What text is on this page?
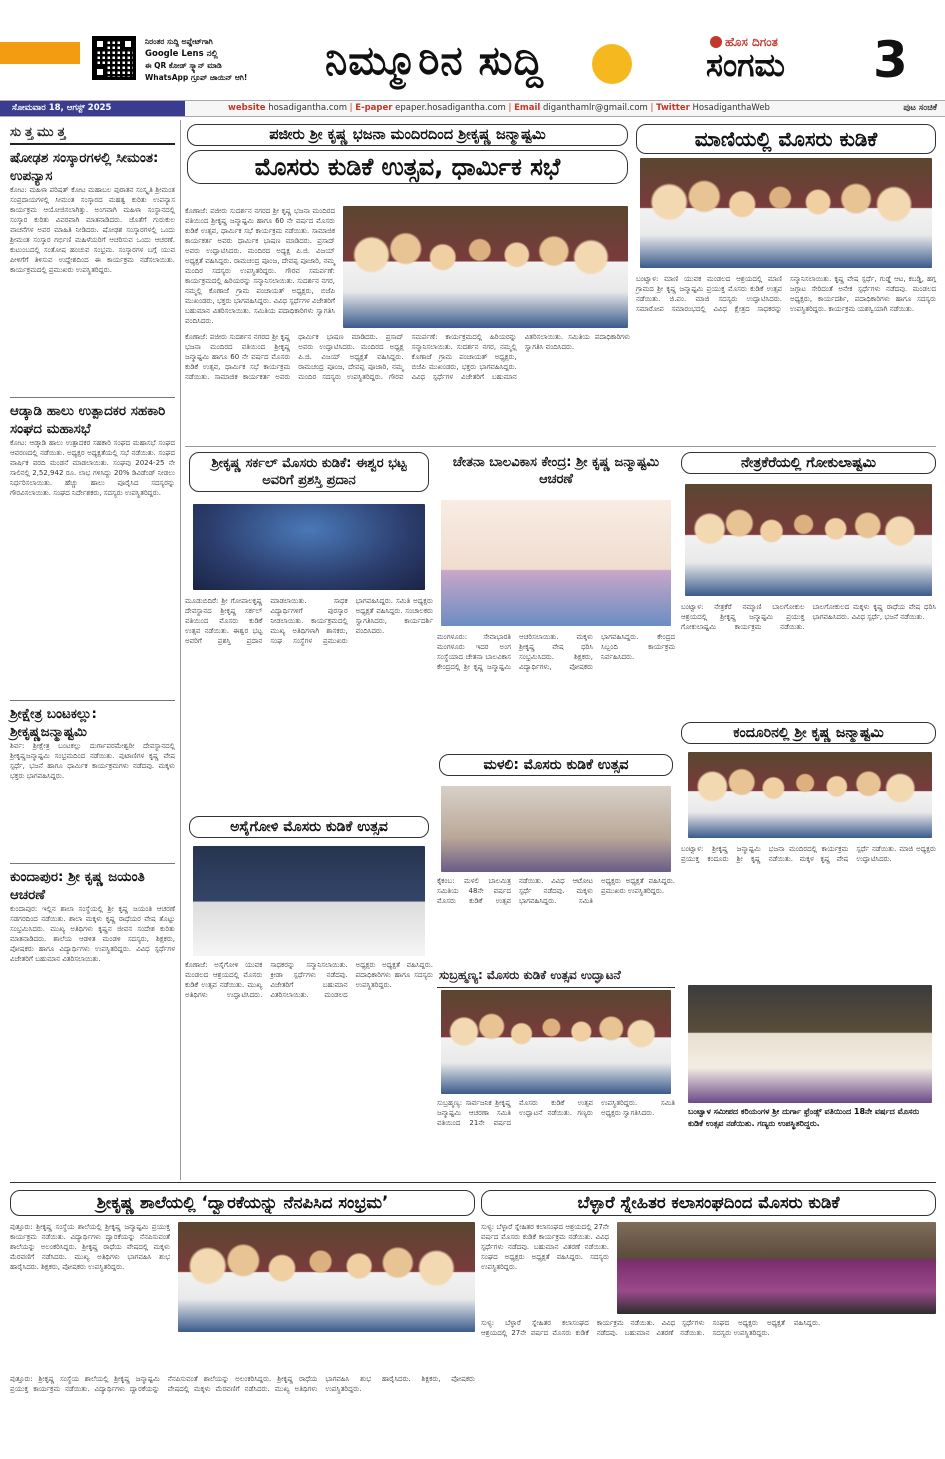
ನಿರಂತರ ಸುದ್ದಿ ಅಪ್ಡೇಟ್‌ಗಾಗಿ
Google Lens ನಲ್ಲಿ
ಈ QR ಕೋಡ್ ಸ್ಕ್ಯಾನ್ ಮಾಡಿ
WhatsApp ಗ್ರೂಪ್ ಜಾಯಿನ್ ಆಗಿ!	ನಿಮ್ಮೂರಿನ ಸುದ್ದಿ	ಹೊಸ ದಿಗಂತ
ಸಂಗಮ 3
ಸೋಮವಾರ 18, ಆಗಸ್ಟ್ 2025	website hosadigantha.com | E-paper epaper.hosadigantha.com | Email diganthamlr@gmail.com | Twitter HosadiganthaWeb	ಪುಟ ಸಂಚಿಕೆ
ಸುತ್ತಮುತ್ತ
ಷೋಢಶ ಸಂಸ್ಕಾರಗಳಲ್ಲಿ ಸೀಮಂತ: ಉಪನ್ಯಾಸ
ಕೋಟ: ಮಹಿಳಾ ಪರಿಷತ್ ಕೋಟ ಮಹಾಬಲ ಪುರಾತನ ಸಂಸ್ಕೃತಿ ಶ್ರೀಮಂತ ಸಂಪ್ರದಾಯಗಳಲ್ಲಿ ಸೀಮಂತ ಸಂಸ್ಕಾರದ ಮಹತ್ವ ಕುರಿತು ಉಪನ್ಯಾಸ ಕಾರ್ಯಕ್ರಮ ಆಯೋಜಿಸಲಾಗಿತ್ತು. ಅಂಗವಾಗಿ ಮಹಿಳಾ ಸಂಸ್ಥಾನದಲ್ಲಿ ಸಂಸ್ಕಾರ ಕುರಿತು ವಿವರವಾಗಿ ಮಾತನಾಡಿದರು. ಜೊತೆಗೆ ಗುರುಕುಲ ವಾಚನೆಗಳ ಅವರ ಮಾಹಿತಿ ನೀಡಿದರು. ಷೋಢಶ ಸಂಸ್ಕಾರಗಳಲ್ಲಿ ಒಂದು ಶ್ರೀಮಂತ ಸಂಸ್ಕಾರ ಗರ್ಭಿಣಿ ಮಹಿಳೆಯರಿಗೆ ಆಚರಿಸುವ ಒಂದು ಆಚರಣೆ. ಕುಟುಂಬದಲ್ಲಿ ಸಂತೋಷ ಹಂಚುವ ಸಂಭ್ರಮ. ಸಂಸ್ಕಾರಗಳ ಬಗ್ಗೆ ಯುವ ಪೀಳಿಗೆಗೆ ತಿಳಿಸುವ ಉದ್ದೇಶದಿಂದ ಈ ಕಾರ್ಯಕ್ರಮ ನಡೆಸಲಾಯಿತು. ಕಾರ್ಯಕ್ರಮದಲ್ಲಿ ಪ್ರಮುಖರು ಉಪಸ್ಥಿತರಿದ್ದರು.
ಆಡ್ಕಾಡಿ ಹಾಲು ಉತ್ಪಾದಕರ ಸಹಕಾರಿ ಸಂಘದ ಮಹಾಸಭೆ
ಕೋಟ: ಆಡ್ಕಾಡಿ ಹಾಲು ಉತ್ಪಾದಕರ ಸಹಕಾರಿ ಸಂಘದ ಮಹಾಸಭೆ ಸಂಘದ ಆವರಣದಲ್ಲಿ ನಡೆಯಿತು. ಅಧ್ಯಕ್ಷರ ಅಧ್ಯಕ್ಷತೆಯಲ್ಲಿ ಸಭೆ ನಡೆಯಿತು. ಸಂಘದ ವಾರ್ಷಿಕ ವರದಿ ಮಂಡನೆ ಮಾಡಲಾಯಿತು. ಸಂಘವು 2024-25 ನೇ ಸಾಲಿನಲ್ಲಿ 2,52,942 ರೂ. ಲಾಭ ಗಳಿಸಿದ್ದು 20% ಡಿವಿಡೆಂಡ್ ನೀಡಲು ನಿರ್ಧರಿಸಲಾಯಿತು. ಹೆಚ್ಚು ಹಾಲು ಪೂರೈಸಿದ ಸದಸ್ಯರನ್ನು ಗೌರವಿಸಲಾಯಿತು. ಸಂಘದ ನಿರ್ದೇಶಕರು, ಸದಸ್ಯರು ಉಪಸ್ಥಿತರಿದ್ದರು.
ಶ್ರೀಕ್ಷೇತ್ರ ಬಂಟಕಲ್ಲು: ಶ್ರೀಕೃಷ್ಣಜನ್ಮಾಷ್ಟಮಿ
ಶಿರ್ವ: ಶ್ರೀಕ್ಷೇತ್ರ ಬಂಟಕಲ್ಲು ದುರ್ಗಾಪರಮೇಶ್ವರೀ ದೇವಸ್ಥಾನದಲ್ಲಿ ಶ್ರೀಕೃಷ್ಣಜನ್ಮಾಷ್ಟಮಿ ಸಂಭ್ರಮದಿಂದ ನಡೆಯಿತು. ಪುಟಾಣಿಗಳ ಕೃಷ್ಣ ವೇಷ ಸ್ಪರ್ಧೆ, ಭಜನೆ ಹಾಗೂ ಧಾರ್ಮಿಕ ಕಾರ್ಯಕ್ರಮಗಳು ನಡೆದವು. ಮಕ್ಕಳು ಭಕ್ತರು ಭಾಗವಹಿಸಿದ್ದರು.
ಕುಂದಾಪುರ: ಶ್ರೀ ಕೃಷ್ಣ ಜಯಂತಿ ಆಚರಣೆ
ಕುಂದಾಪುರ: ಇಲ್ಲಿನ ಶಾಲಾ ಸಂಸ್ಥೆಯಲ್ಲಿ ಶ್ರೀ ಕೃಷ್ಣ ಜಯಂತಿ ಆಚರಣೆ ಸಡಗರದಿಂದ ನಡೆಯಿತು. ಶಾಲಾ ಮಕ್ಕಳು ಕೃಷ್ಣ ರಾಧೆಯರ ವೇಷ ತೊಟ್ಟು ಸಂಭ್ರಮಿಸಿದರು. ಮುಖ್ಯ ಅತಿಥಿಗಳು ಕೃಷ್ಣನ ಜೀವನ ಸಂದೇಶ ಕುರಿತು ಮಾತನಾಡಿದರು. ಶಾಲೆಯ ಆಡಳಿತ ಮಂಡಳಿ ಸದಸ್ಯರು, ಶಿಕ್ಷಕರು, ಪೋಷಕರು ಹಾಗೂ ವಿದ್ಯಾರ್ಥಿಗಳು ಉಪಸ್ಥಿತರಿದ್ದರು. ವಿವಿಧ ಸ್ಪರ್ಧೆಗಳ ವಿಜೇತರಿಗೆ ಬಹುಮಾನ ವಿತರಿಸಲಾಯಿತು.
ಪಜೀರು ಶ್ರೀ ಕೃಷ್ಣ ಭಜನಾ ಮಂದಿರದಿಂದ ಶ್ರೀಕೃಷ್ಣ ಜನ್ಮಾಷ್ಟಮಿ
ಮೊಸರು ಕುಡಿಕೆ ಉತ್ಸವ, ಧಾರ್ಮಿಕ ಸಭೆ
ಕೊಣಾಜೆ: ಪಜೀರು ಸುದರ್ಶನ ನಗರದ ಶ್ರೀ ಕೃಷ್ಣ ಭಜನಾ ಮಂದಿರದ ವತಿಯಿಂದ ಶ್ರೀಕೃಷ್ಣ ಜನ್ಮಾಷ್ಟಮಿ ಹಾಗೂ 60 ನೇ ವರ್ಷದ ಮೊಸರು ಕುಡಿಕೆ ಉತ್ಸವ, ಧಾರ್ಮಿಕ ಸಭೆ ಕಾರ್ಯಕ್ರಮ ನಡೆಯಿತು. ಸಾಮಾಜಿಕ ಕಾರ್ಯಕರ್ತ ಅವರು ಧಾರ್ಮಿಕ ಭಾಷಣ ಮಾಡಿದರು. ಪ್ರಸಾದ್ ಅವರು ಉದ್ಘಾಟಿಸಿದರು. ಮಂದಿರದ ಅಧ್ಯಕ್ಷ ಪಿ.ಜಿ. ವಿಜಯ್ ಅಧ್ಯಕ್ಷತೆ ವಹಿಸಿದ್ದರು. ರಾಮಚಂದ್ರ ಪೂಂಜ, ದೇವಪ್ಪ ಪೂಜಾರಿ, ನಮ್ಮ ಮಂದಿರ ಸದಸ್ಯರು ಉಪಸ್ಥಿತರಿದ್ದರು. ಗೌರವ ಸಮರ್ಪಣೆ: ಕಾರ್ಯಕ್ರಮದಲ್ಲಿ ಹಿರಿಯರನ್ನು ಸನ್ಮಾನಿಸಲಾಯಿತು. ಸುದರ್ಶನ ನಗರ, ನಮ್ಮಲ್ಲಿ ಕೊಣಾಜೆ ಗ್ರಾಮ ಪಂಚಾಯತ್ ಅಧ್ಯಕ್ಷರು, ಬಿಜೆಪಿ ಮುಖಂಡರು, ಭಕ್ತರು ಭಾಗವಹಿಸಿದ್ದರು. ವಿವಿಧ ಸ್ಪರ್ಧೆಗಳ ವಿಜೇತರಿಗೆ ಬಹುಮಾನ ವಿತರಿಸಲಾಯಿತು. ಸಮಿತಿಯ ಪದಾಧಿಕಾರಿಗಳು ಸ್ವಾಗತಿಸಿ ವಂದಿಸಿದರು.
ಕೊಣಾಜೆ: ಪಜೀರು ಸುದರ್ಶನ ನಗರದ ಶ್ರೀ ಕೃಷ್ಣ ಭಜನಾ ಮಂದಿರದ ವತಿಯಿಂದ ಶ್ರೀಕೃಷ್ಣ ಜನ್ಮಾಷ್ಟಮಿ ಹಾಗೂ 60 ನೇ ವರ್ಷದ ಮೊಸರು ಕುಡಿಕೆ ಉತ್ಸವ, ಧಾರ್ಮಿಕ ಸಭೆ ಕಾರ್ಯಕ್ರಮ ನಡೆಯಿತು. ಸಾಮಾಜಿಕ ಕಾರ್ಯಕರ್ತ ಅವರು ಧಾರ್ಮಿಕ ಭಾಷಣ ಮಾಡಿದರು. ಪ್ರಸಾದ್ ಅವರು ಉದ್ಘಾಟಿಸಿದರು. ಮಂದಿರದ ಅಧ್ಯಕ್ಷ ಪಿ.ಜಿ. ವಿಜಯ್ ಅಧ್ಯಕ್ಷತೆ ವಹಿಸಿದ್ದರು. ರಾಮಚಂದ್ರ ಪೂಂಜ, ದೇವಪ್ಪ ಪೂಜಾರಿ, ನಮ್ಮ ಮಂದಿರ ಸದಸ್ಯರು ಉಪಸ್ಥಿತರಿದ್ದರು. ಗೌರವ ಸಮರ್ಪಣೆ: ಕಾರ್ಯಕ್ರಮದಲ್ಲಿ ಹಿರಿಯರನ್ನು ಸನ್ಮಾನಿಸಲಾಯಿತು. ಸುದರ್ಶನ ನಗರ, ನಮ್ಮಲ್ಲಿ ಕೊಣಾಜೆ ಗ್ರಾಮ ಪಂಚಾಯತ್ ಅಧ್ಯಕ್ಷರು, ಬಿಜೆಪಿ ಮುಖಂಡರು, ಭಕ್ತರು ಭಾಗವಹಿಸಿದ್ದರು. ವಿವಿಧ ಸ್ಪರ್ಧೆಗಳ ವಿಜೇತರಿಗೆ ಬಹುಮಾನ ವಿತರಿಸಲಾಯಿತು. ಸಮಿತಿಯ ಪದಾಧಿಕಾರಿಗಳು ಸ್ವಾಗತಿಸಿ ವಂದಿಸಿದರು.
ಮಾಣಿಯಲ್ಲಿ ಮೊಸರು ಕುಡಿಕೆ
ಬಂಟ್ವಾಳ: ಮಾಣಿ ಯುವಕ ಮಂಡಲದ ಆಶ್ರಯದಲ್ಲಿ ಮಾಣಿ ಗ್ರಾಮದ ಶ್ರೀ ಕೃಷ್ಣ ಜನ್ಮಾಷ್ಟಮಿ ಪ್ರಯುಕ್ತ ಮೊಸರು ಕುಡಿಕೆ ಉತ್ಸವ ನಡೆಯಿತು. ಜಿ.ಪಂ. ಮಾಜಿ ಸದಸ್ಯರು ಉದ್ಘಾಟಿಸಿದರು. ಸಮಾರೋಪ ಸಮಾರಂಭದಲ್ಲಿ ವಿವಿಧ ಕ್ಷೇತ್ರದ ಸಾಧಕರನ್ನು ಸನ್ಮಾನಿಸಲಾಯಿತು. ಕೃಷ್ಣ ವೇಷ ಸ್ಪರ್ಧೆ, ಗುಡ್ಡೆ ಆಟ, ಕಬಡ್ಡಿ, ಹಗ್ಗ ಜಗ್ಗಾಟ ಸೇರಿದಂತೆ ಅನೇಕ ಸ್ಪರ್ಧೆಗಳು ನಡೆದವು. ಮಂಡಲದ ಅಧ್ಯಕ್ಷರು, ಕಾರ್ಯದರ್ಶಿ, ಪದಾಧಿಕಾರಿಗಳು ಹಾಗೂ ಸದಸ್ಯರು ಉಪಸ್ಥಿತರಿದ್ದರು. ಕಾರ್ಯಕ್ರಮ ಯಶಸ್ವಿಯಾಗಿ ನಡೆಯಿತು.
ಶ್ರೀಕೃಷ್ಣ ಸರ್ಕಲ್ ಮೊಸರು ಕುಡಿಕೆ: ಈಶ್ವರ ಭಟ್ಟ ಅವರಿಗೆ ಪ್ರಶಸ್ತಿ ಪ್ರದಾನ
ಮೂಡುಬಿದಿರೆ: ಶ್ರೀ ಗೋಪಾಲಕೃಷ್ಣ ದೇವಸ್ಥಾನದ ಶ್ರೀಕೃಷ್ಣ ಸರ್ಕಲ್ ವತಿಯಿಂದ ಮೊಸರು ಕುಡಿಕೆ ಉತ್ಸವ ನಡೆಯಿತು. ಈಶ್ವರ ಭಟ್ಟ ಅವರಿಗೆ ಪ್ರಶಸ್ತಿ ಪ್ರದಾನ ಮಾಡಲಾಯಿತು. ಸಾಧಕ ವಿದ್ಯಾರ್ಥಿಗಳಿಗೆ ಪುರಸ್ಕಾರ ನೀಡಲಾಯಿತು. ಕಾರ್ಯಕ್ರಮದಲ್ಲಿ ಮುಖ್ಯ ಅತಿಥಿಗಳಾಗಿ ಶಾಸಕರು, ಸಂಘ ಸಂಸ್ಥೆಗಳ ಪ್ರಮುಖರು ಭಾಗವಹಿಸಿದ್ದರು. ಸಮಿತಿ ಅಧ್ಯಕ್ಷರು ಅಧ್ಯಕ್ಷತೆ ವಹಿಸಿದ್ದರು. ಸಂಚಾಲಕರು ಸ್ವಾಗತಿಸಿದರು, ಕಾರ್ಯದರ್ಶಿ ವಂದಿಸಿದರು.
ಚೇತನಾ ಬಾಲವಿಕಾಸ ಕೇಂದ್ರ: ಶ್ರೀ ಕೃಷ್ಣ ಜನ್ಮಾಷ್ಟಮಿ ಆಚರಣೆ
ಮಂಗಳೂರು: ಸೇವಾಭಾರತಿ ಮಂಗಳೂರು ಇದರ ಅಂಗ ಸಂಸ್ಥೆಯಾದ ಚೇತನಾ ಬಾಲವಿಕಾಸ ಕೇಂದ್ರದಲ್ಲಿ ಶ್ರೀ ಕೃಷ್ಣ ಜನ್ಮಾಷ್ಟಮಿ ಆಚರಿಸಲಾಯಿತು. ಮಕ್ಕಳು ಶ್ರೀಕೃಷ್ಣ ವೇಷ ಧರಿಸಿ ಸಂಭ್ರಮಿಸಿದರು. ಶಿಕ್ಷಕರು, ವಿದ್ಯಾರ್ಥಿಗಳು, ಪೋಷಕರು ಭಾಗವಹಿಸಿದ್ದರು. ಕೇಂದ್ರದ ಸಿಬ್ಬಂದಿ ಕಾರ್ಯಕ್ರಮ ನಿರ್ವಹಿಸಿದರು.
ನೇತ್ರಕೆರೆಯಲ್ಲಿ ಗೋಕುಲಾಷ್ಟಮಿ
ಬಂಟ್ವಾಳ: ನೇತ್ರಕೆರೆ ನಮ್ಮಾಣಿ ಬಾಲಗೋಕುಲ ಆಶ್ರಯದಲ್ಲಿ ಶ್ರೀಕೃಷ್ಣ ಜನ್ಮಾಷ್ಟಮಿ ಪ್ರಯುಕ್ತ ಗೋಕುಲಾಷ್ಟಮಿ ಕಾರ್ಯಕ್ರಮ ನಡೆಯಿತು. ಬಾಲಗೋಕುಲದ ಮಕ್ಕಳು ಕೃಷ್ಣ ರಾಧೆಯ ವೇಷ ಧರಿಸಿ ಭಾಗವಹಿಸಿದರು. ವಿವಿಧ ಸ್ಪರ್ಧೆ, ಭಜನೆ ನಡೆಯಿತು.
ಕಂದೂರಿನಲ್ಲಿ ಶ್ರೀ ಕೃಷ್ಣ ಜನ್ಮಾಷ್ಟಮಿ
ಬಂಟ್ವಾಳ: ಶ್ರೀಕೃಷ್ಣ ಜನ್ಮಾಷ್ಟಮಿ ಪ್ರಯುಕ್ತ ಕಂದೂರು ಶ್ರೀ ಕೃಷ್ಣ ಭಜನಾ ಮಂದಿರದಲ್ಲಿ ಕಾರ್ಯಕ್ರಮ ನಡೆಯಿತು. ಮಕ್ಕಳ ಕೃಷ್ಣ ವೇಷ ಸ್ಪರ್ಧೆ ನಡೆಯಿತು. ಮಾಜಿ ಅಧ್ಯಕ್ಷರು ಉದ್ಘಾಟಿಸಿದರು.
ಮಳಲಿ: ಮೊಸರು ಕುಡಿಕೆ ಉತ್ಸವ
ಕೈಕಂಬ: ಮಳಲಿ ಬಾಲಮಿತ್ರ ಸಮಿತಿಯ 48ನೇ ವರ್ಷದ ಮೊಸರು ಕುಡಿಕೆ ಉತ್ಸವ ನಡೆಯಿತು. ವಿವಿಧ ಆಟೋಟ ಸ್ಪರ್ಧೆ ನಡೆದವು. ಮಕ್ಕಳು ಭಾಗವಹಿಸಿದ್ದರು. ಸಮಿತಿ ಅಧ್ಯಕ್ಷರು ಅಧ್ಯಕ್ಷತೆ ವಹಿಸಿದ್ದರು. ಪ್ರಮುಖರು ಉಪಸ್ಥಿತರಿದ್ದರು.
ಅಸೈಗೋಳಿ ಮೊಸರು ಕುಡಿಕೆ ಉತ್ಸವ
ಕೊಣಾಜೆ: ಅಸೈಗೋಳಿ ಯುವಕ ಮಂಡಲದ ಆಶ್ರಯದಲ್ಲಿ ಮೊಸರು ಕುಡಿಕೆ ಉತ್ಸವ ನಡೆಯಿತು. ಮುಖ್ಯ ಅತಿಥಿಗಳು ಉದ್ಘಾಟಿಸಿದರು. ಸಾಧಕರನ್ನು ಸನ್ಮಾನಿಸಲಾಯಿತು. ಕ್ರೀಡಾ ಸ್ಪರ್ಧೆಗಳು ನಡೆದವು. ವಿಜೇತರಿಗೆ ಬಹುಮಾನ ವಿತರಿಸಲಾಯಿತು. ಮಂಡಲದ ಅಧ್ಯಕ್ಷರು ಅಧ್ಯಕ್ಷತೆ ವಹಿಸಿದ್ದರು. ಪದಾಧಿಕಾರಿಗಳು ಹಾಗೂ ಸದಸ್ಯರು ಉಪಸ್ಥಿತರಿದ್ದರು.
ಸುಬ್ರಹ್ಮಣ್ಯ: ಮೊಸರು ಕುಡಿಕೆ ಉತ್ಸವ ಉದ್ಘಾಟನೆ
ಸುಬ್ರಹ್ಮಣ್ಯ: ಸಾರ್ವಜನಿಕ ಶ್ರೀಕೃಷ್ಣ ಜನ್ಮಾಷ್ಟಮಿ ಆಚರಣಾ ಸಮಿತಿ ವತಿಯಿಂದ 21ನೇ ವರ್ಷದ ಮೊಸರು ಕುಡಿಕೆ ಉತ್ಸವ ಉದ್ಘಾಟನೆ ನಡೆಯಿತು. ಗಣ್ಯರು ಉಪಸ್ಥಿತರಿದ್ದರು. ಸಮಿತಿ ಅಧ್ಯಕ್ಷರು ಸ್ವಾಗತಿಸಿದರು.	ಬಂಟ್ವಾಳ ಸಮೀಪದ ಕರಿಯಂಗಳ ಶ್ರೀ ದುರ್ಗಾ ಫ್ರೆಂಡ್ಸ್ ವತಿಯಿಂದ 18ನೇ ವರ್ಷದ ಮೊಸರು ಕುಡಿಕೆ ಉತ್ಸವ ನಡೆಯಿತು. ಗಣ್ಯರು ಉಪಸ್ಥಿತರಿದ್ದರು.
ಶ್ರೀಕೃಷ್ಣ ಶಾಲೆಯಲ್ಲಿ ‘ದ್ವಾರಕೆಯನ್ನು ನೆನಪಿಸಿದ ಸಂಭ್ರಮ’
ಪುತ್ತೂರು: ಶ್ರೀಕೃಷ್ಣ ಸಂಸ್ಥೆಯ ಶಾಲೆಯಲ್ಲಿ ಶ್ರೀಕೃಷ್ಣ ಜನ್ಮಾಷ್ಟಮಿ ಪ್ರಯುಕ್ತ ಕಾರ್ಯಕ್ರಮ ನಡೆಯಿತು. ವಿದ್ಯಾರ್ಥಿಗಳು ದ್ವಾರಕೆಯನ್ನು ನೆನಪಿಸುವಂತೆ ಶಾಲೆಯನ್ನು ಅಲಂಕರಿಸಿದ್ದರು. ಶ್ರೀಕೃಷ್ಣ ರಾಧೆಯ ವೇಷದಲ್ಲಿ ಮಕ್ಕಳು ಮೆರವಣಿಗೆ ನಡೆಸಿದರು. ಮುಖ್ಯ ಅತಿಥಿಗಳು ಭಾಗವಹಿಸಿ ಶುಭ ಹಾರೈಸಿದರು. ಶಿಕ್ಷಕರು, ಪೋಷಕರು ಉಪಸ್ಥಿತರಿದ್ದರು.
ಪುತ್ತೂರು: ಶ್ರೀಕೃಷ್ಣ ಸಂಸ್ಥೆಯ ಶಾಲೆಯಲ್ಲಿ ಶ್ರೀಕೃಷ್ಣ ಜನ್ಮಾಷ್ಟಮಿ ಪ್ರಯುಕ್ತ ಕಾರ್ಯಕ್ರಮ ನಡೆಯಿತು. ವಿದ್ಯಾರ್ಥಿಗಳು ದ್ವಾರಕೆಯನ್ನು ನೆನಪಿಸುವಂತೆ ಶಾಲೆಯನ್ನು ಅಲಂಕರಿಸಿದ್ದರು. ಶ್ರೀಕೃಷ್ಣ ರಾಧೆಯ ವೇಷದಲ್ಲಿ ಮಕ್ಕಳು ಮೆರವಣಿಗೆ ನಡೆಸಿದರು. ಮುಖ್ಯ ಅತಿಥಿಗಳು ಭಾಗವಹಿಸಿ ಶುಭ ಹಾರೈಸಿದರು. ಶಿಕ್ಷಕರು, ಪೋಷಕರು ಉಪಸ್ಥಿತರಿದ್ದರು.
ಬೆಳ್ಳಾರೆ ಸ್ನೇಹಿತರ ಕಲಾಸಂಘದಿಂದ ಮೊಸರು ಕುಡಿಕೆ
ಸುಳ್ಯ: ಬೆಳ್ಳಾರೆ ಸ್ನೇಹಿತರ ಕಲಾಸಂಘದ ಆಶ್ರಯದಲ್ಲಿ 27ನೇ ವರ್ಷದ ಮೊಸರು ಕುಡಿಕೆ ಕಾರ್ಯಕ್ರಮ ನಡೆಯಿತು. ವಿವಿಧ ಸ್ಪರ್ಧೆಗಳು ನಡೆದವು. ಬಹುಮಾನ ವಿತರಣೆ ನಡೆಯಿತು. ಸಂಘದ ಅಧ್ಯಕ್ಷರು ಅಧ್ಯಕ್ಷತೆ ವಹಿಸಿದ್ದರು. ಸದಸ್ಯರು ಉಪಸ್ಥಿತರಿದ್ದರು.
ಸುಳ್ಯ: ಬೆಳ್ಳಾರೆ ಸ್ನೇಹಿತರ ಕಲಾಸಂಘದ ಆಶ್ರಯದಲ್ಲಿ 27ನೇ ವರ್ಷದ ಮೊಸರು ಕುಡಿಕೆ ಕಾರ್ಯಕ್ರಮ ನಡೆಯಿತು. ವಿವಿಧ ಸ್ಪರ್ಧೆಗಳು ನಡೆದವು. ಬಹುಮಾನ ವಿತರಣೆ ನಡೆಯಿತು. ಸಂಘದ ಅಧ್ಯಕ್ಷರು ಅಧ್ಯಕ್ಷತೆ ವಹಿಸಿದ್ದರು. ಸದಸ್ಯರು ಉಪಸ್ಥಿತರಿದ್ದರು.
